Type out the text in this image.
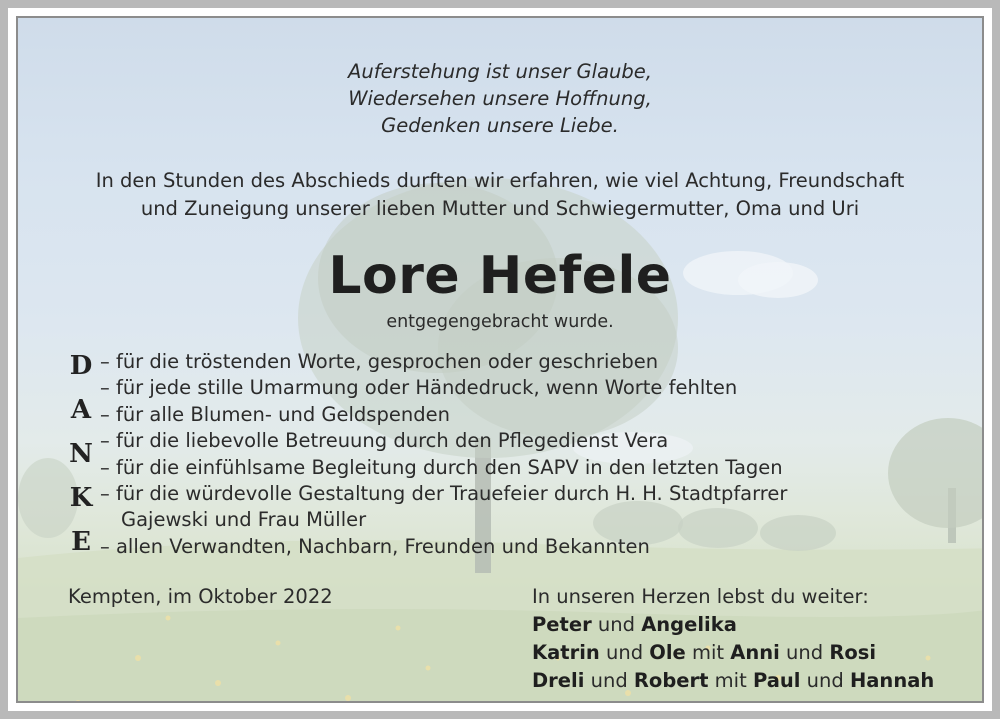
Auferstehung ist unser Glaube,
Wiedersehen unsere Hoffnung,
Gedenken unsere Liebe.
In den Stunden des Abschieds durften wir erfahren, wie viel Achtung, Freundschaft
und Zuneigung unserer lieben Mutter und Schwiegermutter, Oma und Uri
Lore Hefele
entgegengebracht wurde.
D
A
N
K
E
– für die tröstenden Worte, gesprochen oder geschrieben
– für jede stille Umarmung oder Händedruck, wenn Worte fehlten
– für alle Blumen- und Geldspenden
– für die liebevolle Betreuung durch den Pflegedienst Vera
– für die einfühlsame Begleitung durch den SAPV in den letzten Tagen
– für die würdevolle Gestaltung der Trauefeier durch H. H. Stadtpfarrer
Gajewski und Frau Müller
– allen Verwandten, Nachbarn, Freunden und Bekannten
Kempten, im Oktober 2022	In unseren Herzen lebst du weiter:
Peter und Angelika
Katrin und Ole mit Anni und Rosi
Dreli und Robert mit Paul und Hannah
